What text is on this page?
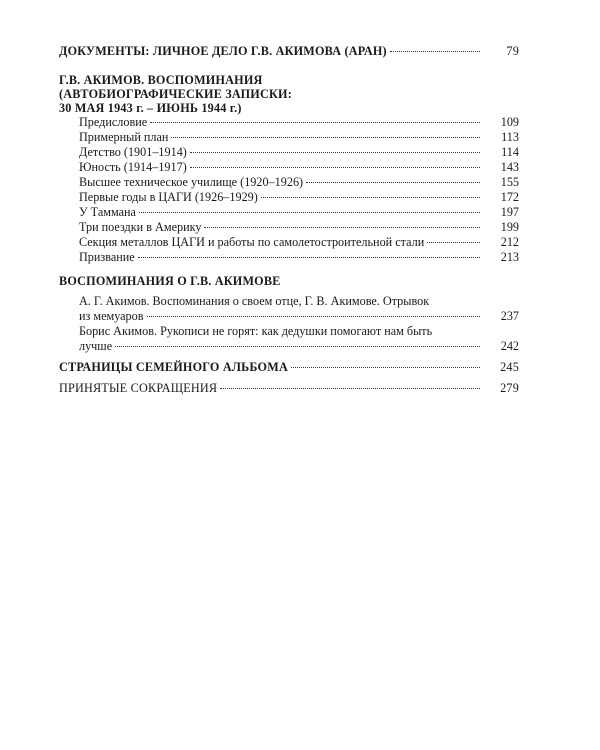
ДОКУМЕНТЫ: ЛИЧНОЕ ДЕЛО Г.В. АКИМОВА (АРАН)	79
Г.В. АКИМОВ. ВОСПОМИНАНИЯ
(АВТОБИОГРАФИЧЕСКИЕ ЗАПИСКИ:
30 МАЯ 1943 г. – ИЮНЬ 1944 г.)
Предисловие	109
Примерный план	113
Детство (1901–1914)	114
Юность (1914–1917)	143
Высшее техническое училище (1920–1926)	155
Первые годы в ЦАГИ (1926–1929)	172
У Таммана	197
Три поездки в Америку	199
Секция металлов ЦАГИ и работы по самолетостроительной стали	212
Призвание	213
ВОСПОМИНАНИЯ О Г.В. АКИМОВЕ
А. Г. Акимов. Воспоминания о своем отце, Г. В. Акимове. Отрывок
из мемуаров	237
Борис Акимов. Рукописи не горят: как дедушки помогают нам быть
лучше	242
СТРАНИЦЫ СЕМЕЙНОГО АЛЬБОМА	245
ПРИНЯТЫЕ СОКРАЩЕНИЯ	279
